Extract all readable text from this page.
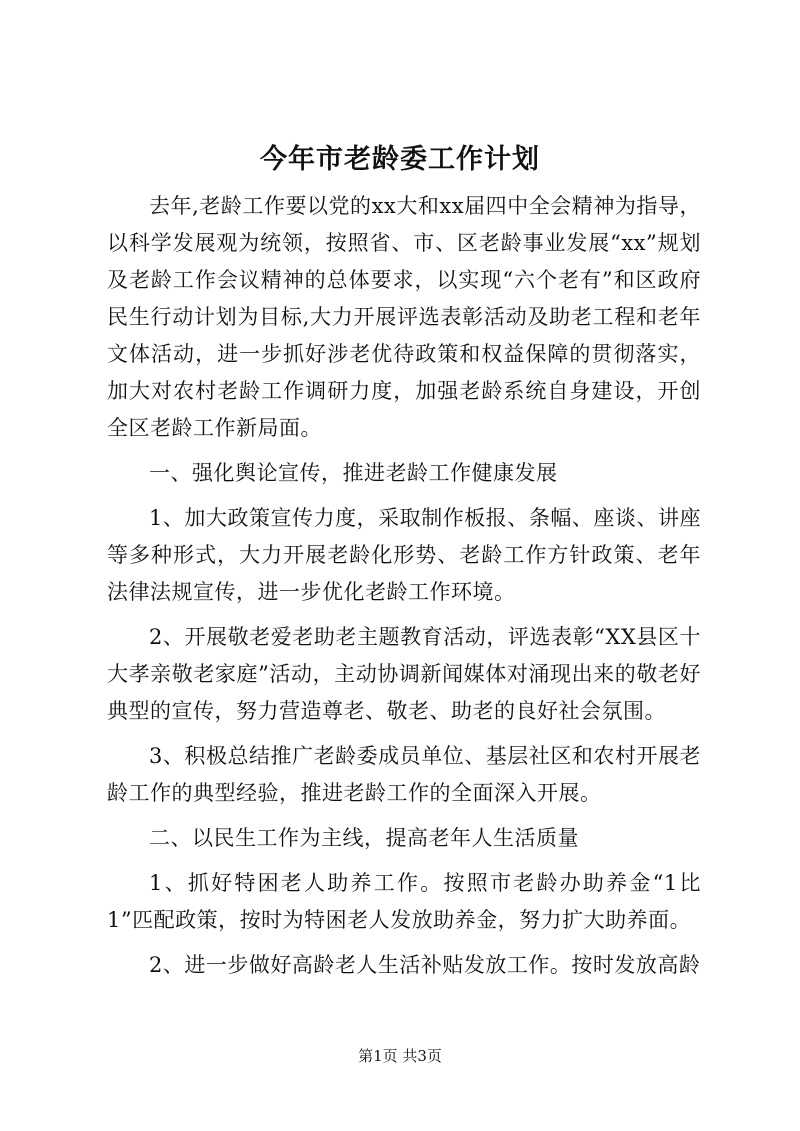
今年市老龄委工作计划

去年,老龄工作要以党的xx大和xx届四中全会精神为指导，以科学发展观为统领，按照省、市、区老龄事业发展“xx”规划及老龄工作会议精神的总体要求，以实现“六个老有”和区政府民生行动计划为目标,大力开展评选表彰活动及助老工程和老年文体活动，进一步抓好涉老优待政策和权益保障的贯彻落实，加大对农村老龄工作调研力度，加强老龄系统自身建设，开创全区老龄工作新局面。

一、强化舆论宣传，推进老龄工作健康发展

1、加大政策宣传力度，采取制作板报、条幅、座谈、讲座等多种形式，大力开展老龄化形势、老龄工作方针政策、老年法律法规宣传，进一步优化老龄工作环境。

2、开展敬老爱老助老主题教育活动，评选表彰“XX县区十大孝亲敬老家庭”活动，主动协调新闻媒体对涌现出来的敬老好典型的宣传，努力营造尊老、敬老、助老的良好社会氛围。

3、积极总结推广老龄委成员单位、基层社区和农村开展老龄工作的典型经验，推进老龄工作的全面深入开展。

二、以民生工作为主线，提高老年人生活质量

1、抓好特困老人助养工作。按照市老龄办助养金“1比1”匹配政策，按时为特困老人发放助养金，努力扩大助养面。

2、进一步做好高龄老人生活补贴发放工作。按时发放高龄

第1页 共3页
